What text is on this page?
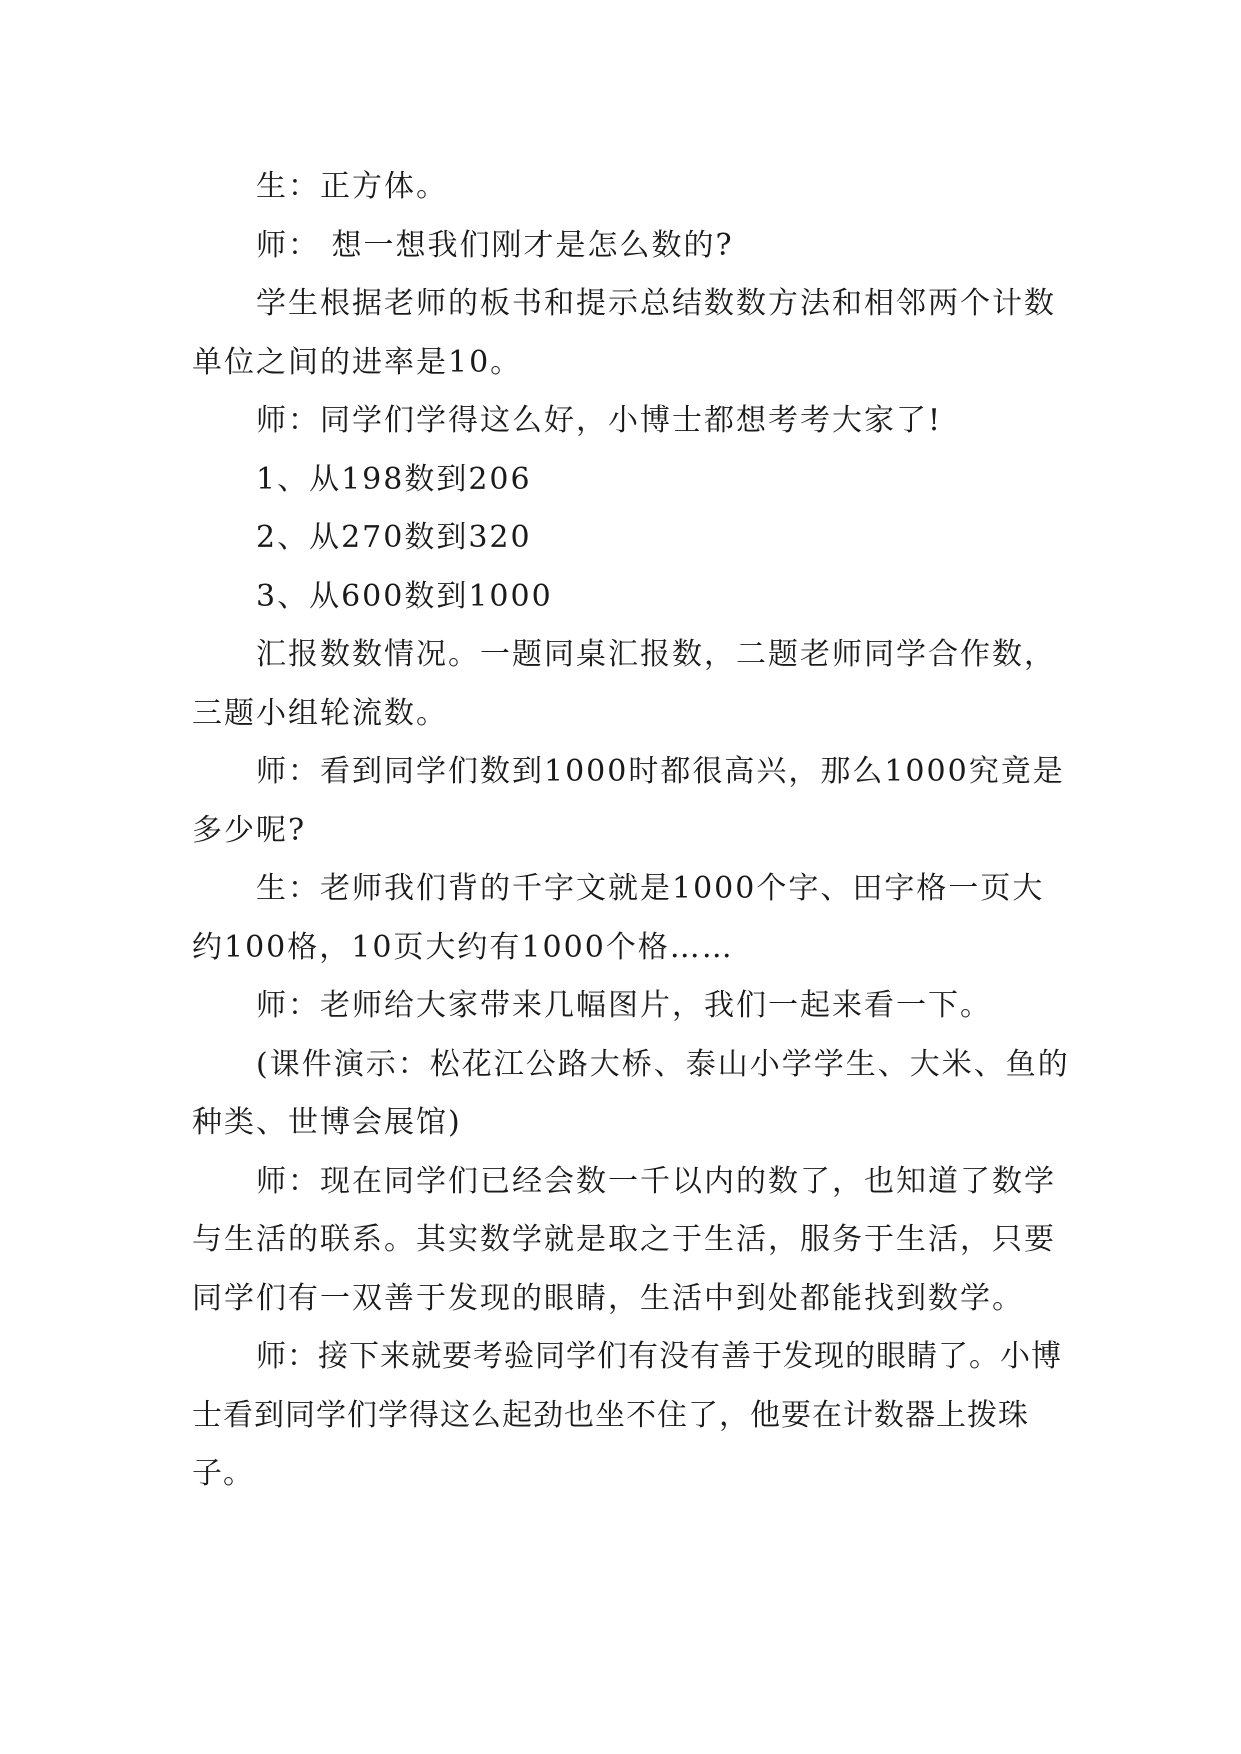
生：正方体。

师： 想一想我们刚才是怎么数的?

学生根据老师的板书和提示总结数数方法和相邻两个计数单位之间的进率是10。

师：同学们学得这么好，小博士都想考考大家了!

1、从198数到206

2、从270数到320

3、从600数到1000

汇报数数情况。一题同桌汇报数，二题老师同学合作数，三题小组轮流数。

师：看到同学们数到1000时都很高兴，那么1000究竟是多少呢?

生：老师我们背的千字文就是1000个字、田字格一页大约100格，10页大约有1000个格……

师：老师给大家带来几幅图片，我们一起来看一下。

(课件演示：松花江公路大桥、泰山小学学生、大米、鱼的种类、世博会展馆)

师：现在同学们已经会数一千以内的数了，也知道了数学与生活的联系。其实数学就是取之于生活，服务于生活，只要同学们有一双善于发现的眼睛，生活中到处都能找到数学。

师：接下来就要考验同学们有没有善于发现的眼睛了。小博士看到同学们学得这么起劲也坐不住了，他要在计数器上拨珠子。
